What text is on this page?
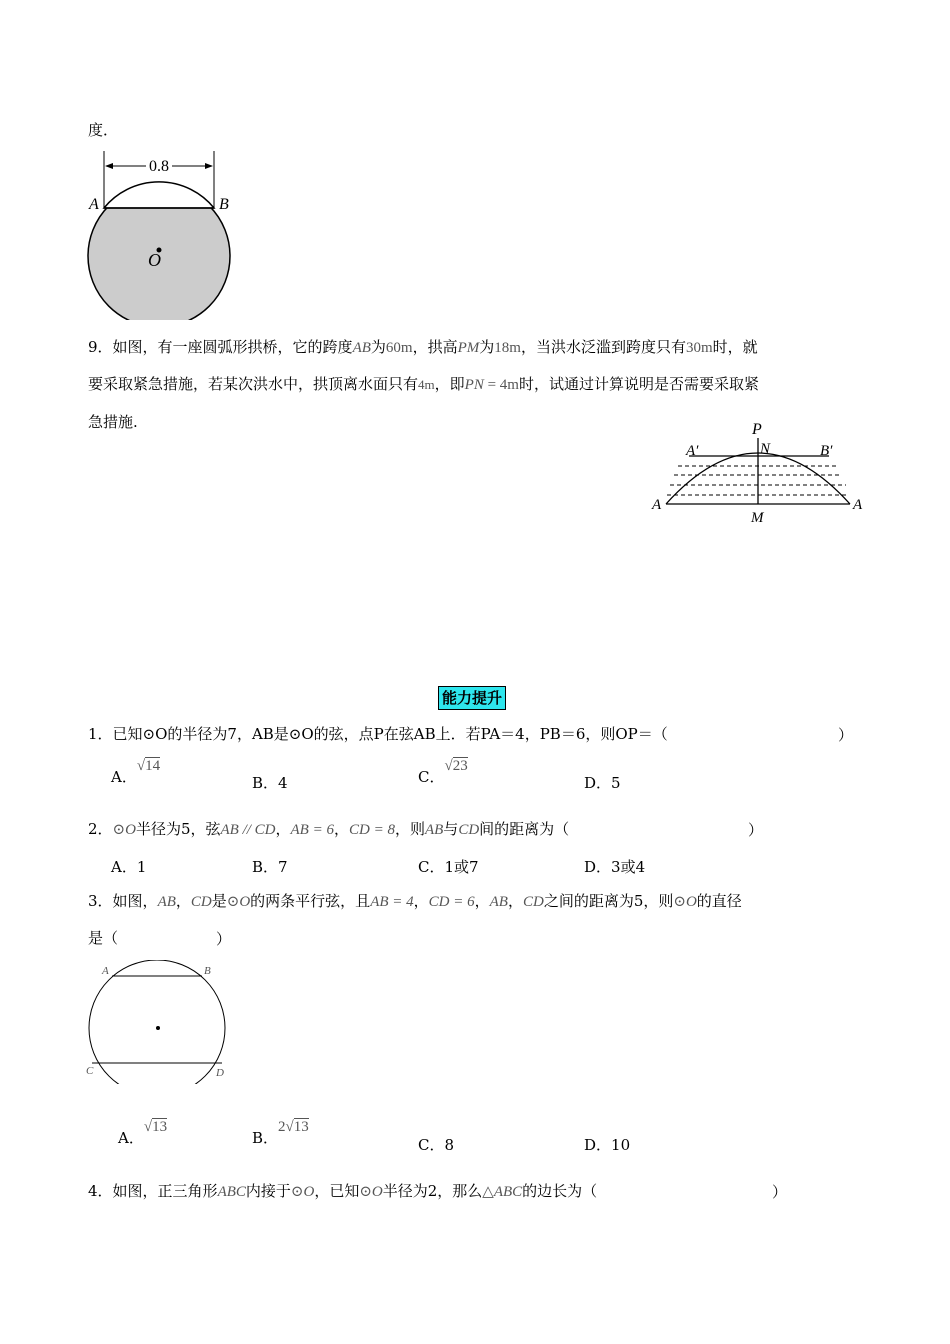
度．
0.8
A	B
O
9．如图，有一座圆弧形拱桥，它的跨度AB为60m，拱高PM为18m，当洪水泛滥到跨度只有30m时，就
要采取紧急措施，若某次洪水中，拱顶离水面只有4m，即PN = 4m时，试通过计算说明是否需要采取紧
急措施.	P
N
A′	B′
A	A
M
能力提升
1．已知⊙O的半径为7，AB是⊙O的弦，点P在弦AB上．若PA＝4，PB＝6，则OP＝（	）
A．√14
B．4	C．√23
D．5
2．⊙O半径为5，弦AB // CD，AB = 6，CD = 8，则AB与CD间的距离为（	）
A．1	B．7	C．1或7	D．3或4
3．如图，AB，CD是⊙O的两条平行弦，且AB = 4，CD = 6，AB，CD之间的距离为5，则⊙O的直径
是（	）
A	B
C	D
A．√13
B．2√13
C．8	D．10
4．如图，正三角形ABC内接于⊙O，已知⊙O半径为2，那么△ABC的边长为（	）
